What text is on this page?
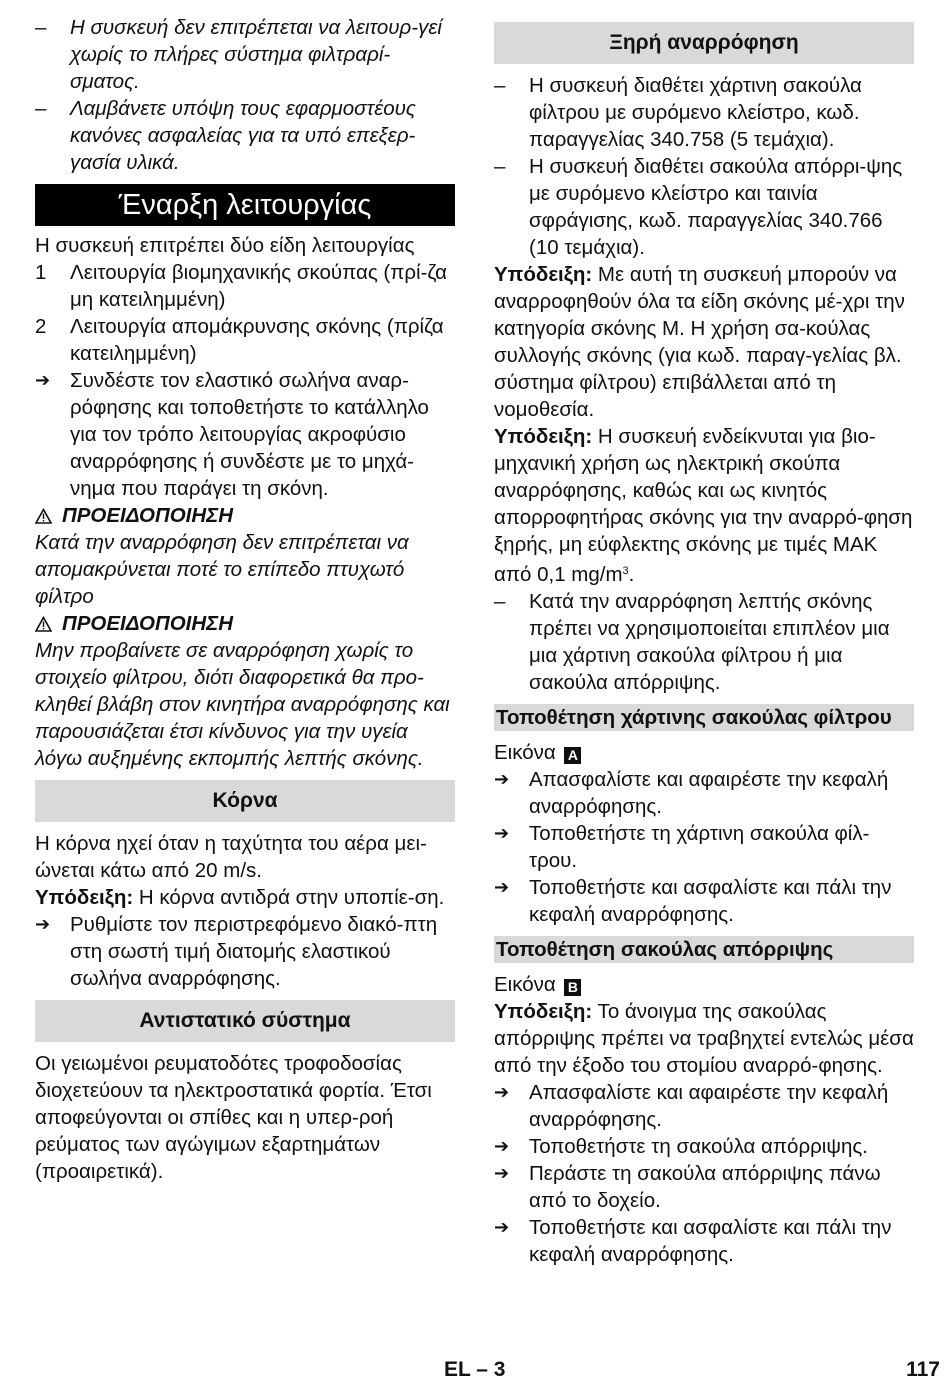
–	Η συσκευή δεν επιτρέπεται να λειτουρ-γεί χωρίς το πλήρες σύστημα φιλτραρί-σματος.
–	Λαμβάνετε υπόψη τους εφαρμοστέους κανόνες ασφαλείας για τα υπό επεξερ-γασία υλικά.
Έναρξη λειτουργίας

Η συσκευή επιτρέπει δύο είδη λειτουργίας

1	Λειτουργία βιομηχανικής σκούπας (πρί-ζα μη κατειλημμένη)
2	Λειτουργία απομάκρυνσης σκόνης (πρίζα κατειλημμένη)
➔ Συνδέστε τον ελαστικό σωλήνα αναρ-ρόφησης και τοποθετήστε το κατάλληλο για τον τρόπο λειτουργίας ακροφύσιο αναρρόφησης ή συνδέστε με το μηχά-νημα που παράγει τη σκόνη.
ΠΡΟΕΙΔΟΠΟΙΗΣΗ

Κατά την αναρρόφηση δεν επιτρέπεται να απομακρύνεται ποτέ το επίπεδο πτυχωτό φίλτρο

ΠΡΟΕΙΔΟΠΟΙΗΣΗ

Μην προβαίνετε σε αναρρόφηση χωρίς το στοιχείο φίλτρου, διότι διαφορετικά θα προ-κληθεί βλάβη στον κινητήρα αναρρόφησης και παρουσιάζεται έτσι κίνδυνος για την υγεία λόγω αυξημένης εκπομπής λεπτής σκόνης.

Κόρνα

Η κόρνα ηχεί όταν η ταχύτητα του αέρα μει-ώνεται κάτω από 20 m/s.

Υπόδειξη: Η κόρνα αντιδρά στην υποπίε-ση.

➔ Ρυθμίστε τον περιστρεφόμενο διακό-πτη στη σωστή τιμή διατομής ελαστικού σωλήνα αναρρόφησης.
Αντιστατικό σύστημα

Οι γειωμένοι ρευματοδότες τροφοδοσίας διοχετεύουν τα ηλεκτροστατικά φορτία. Έτσι αποφεύγονται οι σπίθες και η υπερ-ροή ρεύματος των αγώγιμων εξαρτημάτων (προαιρετικά).

Ξηρή αναρρόφηση
–	Η συσκευή διαθέτει χάρτινη σακούλα φίλτρου με συρόμενο κλείστρο, κωδ. παραγγελίας 340.758 (5 τεμάχια).
–	Η συσκευή διαθέτει σακούλα απόρρι-ψης με συρόμενο κλείστρο και ταινία σφράγισης, κωδ. παραγγελίας 340.766 (10 τεμάχια).

Υπόδειξη: Με αυτή τη συσκευή μπορούν να αναρροφηθούν όλα τα είδη σκόνης μέ-χρι την κατηγορία σκόνης M. Η χρήση σα-κούλας συλλογής σκόνης (για κωδ. παραγ-γελίας βλ. σύστημα φίλτρου) επιβάλλεται από τη νομοθεσία.

Υπόδειξη: Η συσκευή ενδείκνυται για βιο-μηχανική χρήση ως ηλεκτρική σκούπα αναρρόφησης, καθώς και ως κινητός απορροφητήρας σκόνης για την αναρρό-φηση ξηρής, μη εύφλεκτης σκόνης με τιμές MAK από 0,1 $mg/m^3$.

–	Κατά την αναρρόφηση λεπτής σκόνης πρέπει να χρησιμοποιείται επιπλέον μια μια χάρτινη σακούλα φίλτρου ή μια σακούλα απόρριψης.
Τοποθέτηση χάρτινης σακούλας φίλτρου

Εικόνα A

➔ Απασφαλίστε και αφαιρέστε την κεφαλή αναρρόφησης.
➔ Τοποθετήστε τη χάρτινη σακούλα φίλ-τρου.
➔ Τοποθετήστε και ασφαλίστε και πάλι την κεφαλή αναρρόφησης.
Τοποθέτηση σακούλας απόρριψης

Εικόνα B

Υπόδειξη: Το άνοιγμα της σακούλας απόρριψης πρέπει να τραβηχτεί εντελώς μέσα από την έξοδο του στομίου αναρρό-φησης.

➔ Απασφαλίστε και αφαιρέστε την κεφαλή αναρρόφησης.
➔ Τοποθετήστε τη σακούλα απόρριψης.
➔ Περάστε τη σακούλα απόρριψης πάνω από το δοχείο.
➔ Τοποθετήστε και ασφαλίστε και πάλι την κεφαλή αναρρόφησης.
EL – 3	117
